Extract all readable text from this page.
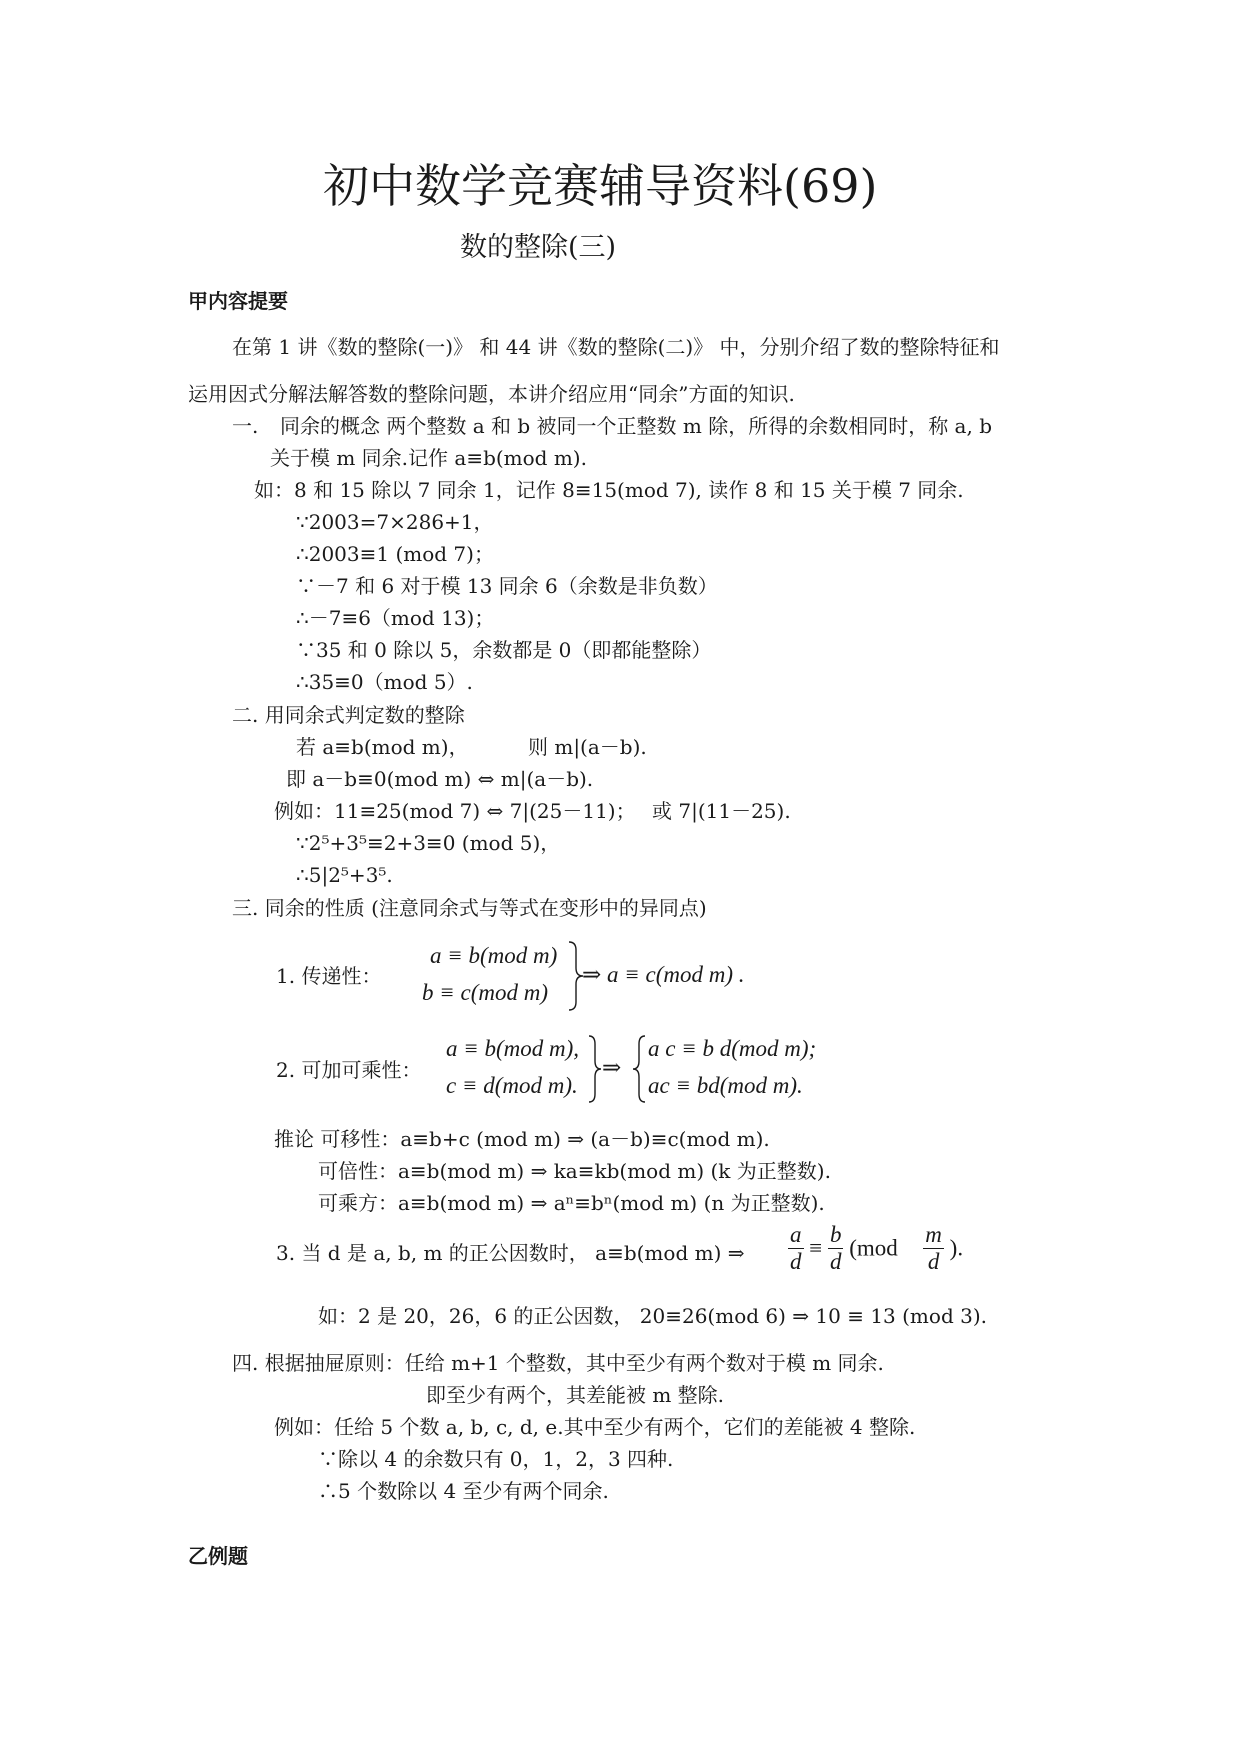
初中数学竞赛辅导资料(69)
数的整除(三)
甲内容提要
在第 1 讲《数的整除(一)》 和 44 讲《数的整除(二)》 中，分别介绍了数的整除特征和
运用因式分解法解答数的整除问题，本讲介绍应用“同余”方面的知识.
一. 同余的概念 两个整数 a 和 b 被同一个正整数 m 除，所得的余数相同时，称 a, b
关于模 m 同余.记作 a≡b(mod m).
如：8 和 15 除以 7 同余 1，记作 8≡15(mod 7), 读作 8 和 15 关于模 7 同余.
∵2003=7×286+1，
∴2003≡1 (mod 7)；
∵－7 和 6 对于模 13 同余 6（余数是非负数）
∴－7≡6（mod 13)；
∵35 和 0 除以 5，余数都是 0（即都能整除）
∴35≡0（mod 5）.
二. 用同余式判定数的整除
若 a≡b(mod m)，	则 m|(a－b).
即 a－b≡0(mod m) ⇔ m|(a－b).
例如：11≡25(mod 7) ⇔ 7|(25－11)； 或 7|(11－25).
∵2⁵+3⁵≡2+3≡0 (mod 5)，
∴5|2⁵+3⁵.
三. 同余的性质 (注意同余式与等式在变形中的异同点)
1. 传递性：
a ≡ b(mod m)
b ≡ c(mod m)
⇒ a ≡ c(mod m) .
2. 可加可乘性：
a ≡ b(mod m),
c ≡ d(mod m).
⇒
a c ≡ b d(mod m);
ac ≡ bd(mod m).
推论 可移性：a≡b+c (mod m) ⇒ (a－b)≡c(mod m).
可倍性：a≡b(mod m) ⇒ ka≡kb(mod m) (k 为正整数).
可乘方：a≡b(mod m) ⇒ aⁿ≡bⁿ(mod m) (n 为正整数).
3. 当 d 是 a, b, m 的正公因数时， a≡b(mod m) ⇒ $\frac{a}{d} \equiv \frac{b}{d} (mod \frac{m}{d}$ ).
如：2 是 20，26，6 的正公因数， 20≡26(mod 6) ⇒ 10 ≡ 13 (mod 3).
四. 根据抽屉原则：任给 m+1 个整数，其中至少有两个数对于模 m 同余.
即至少有两个，其差能被 m 整除.
例如：任给 5 个数 a, b, c, d, e.其中至少有两个，它们的差能被 4 整除.
∵除以 4 的余数只有 0，1，2，3 四种.
∴5 个数除以 4 至少有两个同余.
乙例题
